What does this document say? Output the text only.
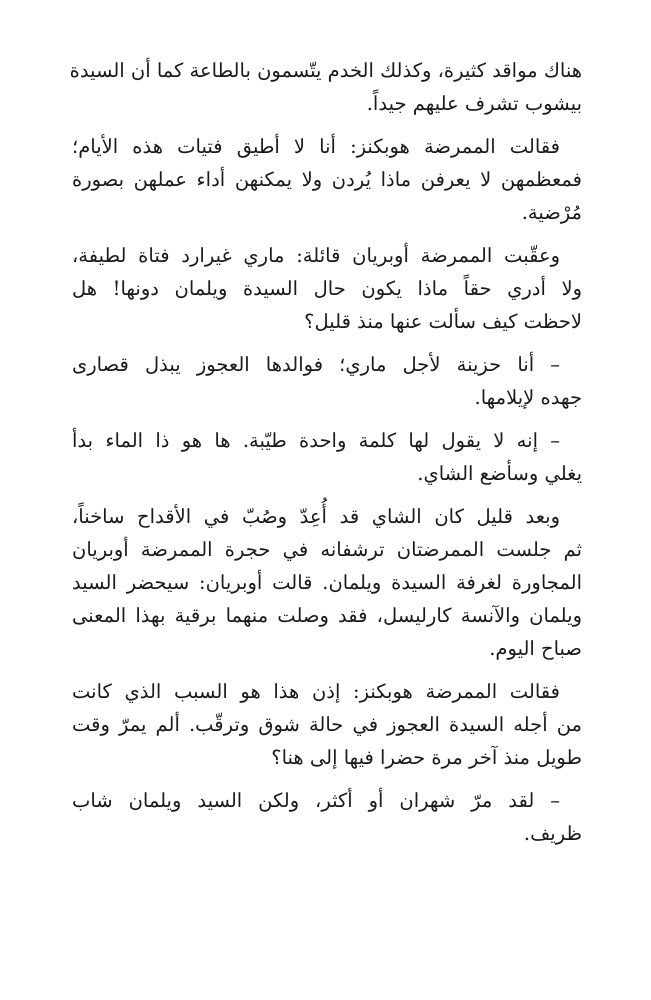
هناك مواقد كثيرة، وكذلك الخدم يتّسمون بالطاعة كما أن السيدة
بيشوب تشرف عليهم جيداً.

فقالت الممرضة هوبكنز: أنا لا أطيق فتيات هذه الأيام؛
فمعظمهن لا يعرفن ماذا يُردن ولا يمكنهن أداء عملهن بصورة
مُرْضية.

وعقّبت الممرضة أوبريان قائلة: ماري غيرارد فتاة لطيفة،
ولا أدري حقاً ماذا يكون حال السيدة ويلمان دونها! هل
لاحظت كيف سألت عنها منذ قليل؟

– أنا حزينة لأجل ماري؛ فوالدها العجوز يبذل قصارى
جهده لإيلامها.

– إنه لا يقول لها كلمة واحدة طيّبة. ها هو ذا الماء بدأ
يغلي وسأضع الشاي.

وبعد قليل كان الشاي قد أُعِدّ وصُبّ في الأقداح ساخناً،
ثم جلست الممرضتان ترشفانه في حجرة الممرضة أوبريان
المجاورة لغرفة السيدة ويلمان. قالت أوبريان: سيحضر السيد
ويلمان والآنسة كارليسل، فقد وصلت منهما برقية بهذا المعنى
صباح اليوم.

فقالت الممرضة هوبكنز: إذن هذا هو السبب الذي كانت
من أجله السيدة العجوز في حالة شوق وترقّب. ألم يمرّ وقت
طويل منذ آخر مرة حضرا فيها إلى هنا؟

– لقد مرّ شهران أو أكثر، ولكن السيد ويلمان شاب
ظريف.
